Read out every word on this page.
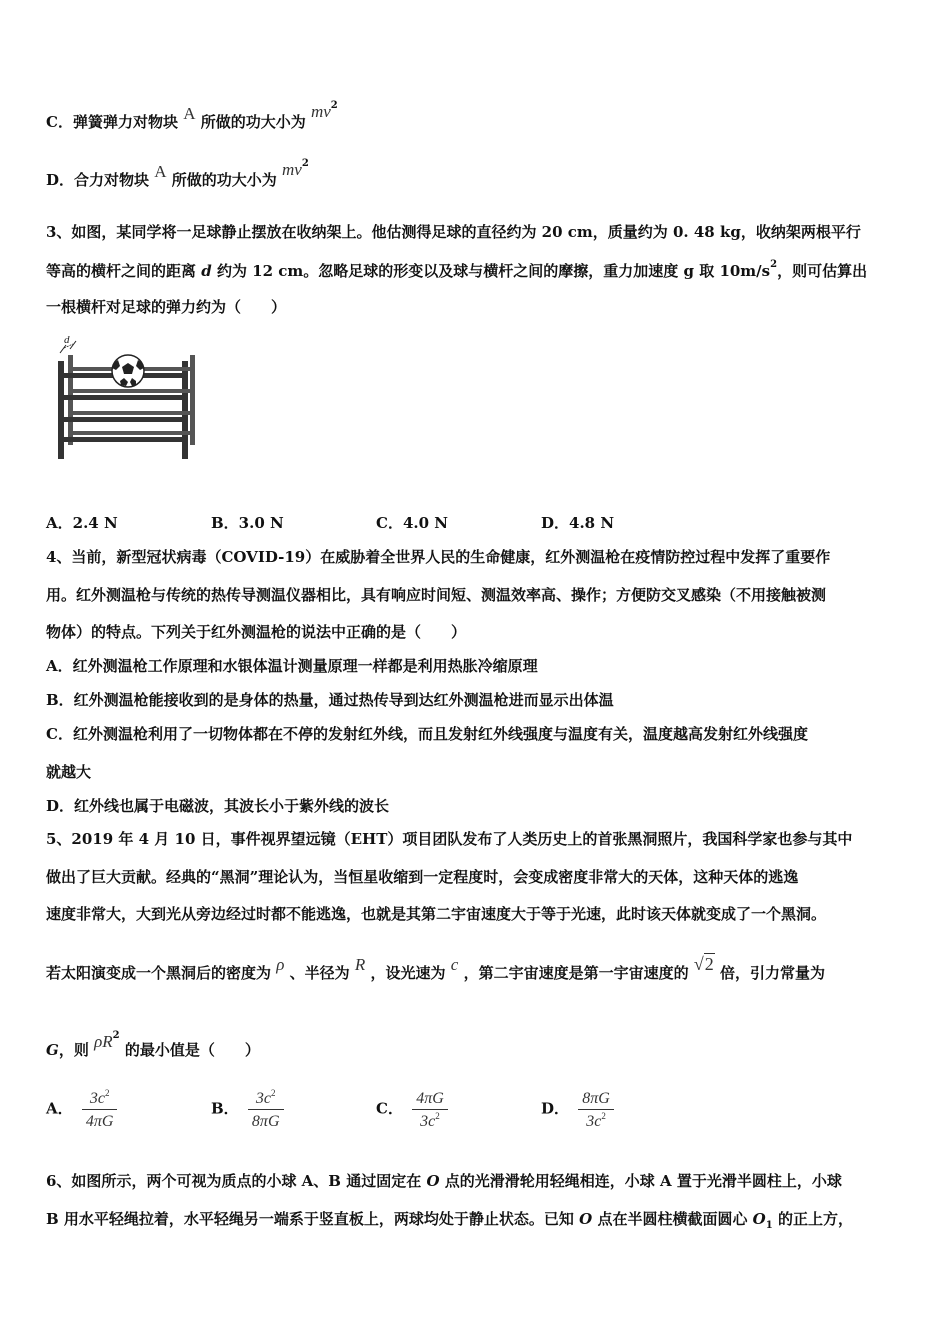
C．弹簧弹力对物块 A 所做的功大小为 $mv^2$
D．合力对物块 A 所做的功大小为 $mv^2$
3、如图，某同学将一足球静止摆放在收纳架上。他估测得足球的直径约为 20 cm，质量约为 0. 48 kg，收纳架两根平行
等高的横杆之间的距离 d 约为 12 cm。忽略足球的形变以及球与横杆之间的摩擦，重力加速度 g 取 $10m/s^2$，则可估算出
一根横杆对足球的弹力约为（　　）
d
A．2.4 N	B．3.0 N	C．4.0 N	D．4.8 N
4、当前，新型冠状病毒（COVID-19）在威胁着全世界人民的生命健康，红外测温枪在疫情防控过程中发挥了重要作
用。红外测温枪与传统的热传导测温仪器相比，具有响应时间短、测温效率高、操作；方便防交叉感染（不用接触被测
物体）的特点。下列关于红外测温枪的说法中正确的是（　　）
A．红外测温枪工作原理和水银体温计测量原理一样都是利用热胀冷缩原理
B．红外测温枪能接收到的是身体的热量，通过热传导到达红外测温枪进而显示出体温
C．红外测温枪利用了一切物体都在不停的发射红外线，而且发射红外线强度与温度有关，温度越高发射红外线强度
就越大
D．红外线也属于电磁波，其波长小于紫外线的波长
5、2019 年 4 月 10 日，事件视界望远镜（EHT）项目团队发布了人类历史上的首张黑洞照片，我国科学家也参与其中
做出了巨大贡献。经典的“黑洞”理论认为，当恒星收缩到一定程度时，会变成密度非常大的天体，这种天体的逃逸
速度非常大，大到光从旁边经过时都不能逃逸，也就是其第二宇宙速度大于等于光速，此时该天体就变成了一个黑洞。
若太阳演变成一个黑洞后的密度为 ρ 、半径为 R ，设光速为 c ，第二宇宙速度是第一宇宙速度的 √2 倍，引力常量为
G，则 $\rho R^2$ 的最小值是（　　）
A． $\frac{3c^2}{4\pi G}$	B． $\frac{3c^2}{8\pi G}$	C． $\frac{4\pi G}{3c^2}$	D． $\frac{8\pi G}{3c^2}$
6、如图所示，两个可视为质点的小球 A、B 通过固定在 O 点的光滑滑轮用轻绳相连，小球 A 置于光滑半圆柱上，小球
B 用水平轻绳拉着，水平轻绳另一端系于竖直板上，两球均处于静止状态。已知 O 点在半圆柱横截面圆心 $O_1$ 的正上方，
